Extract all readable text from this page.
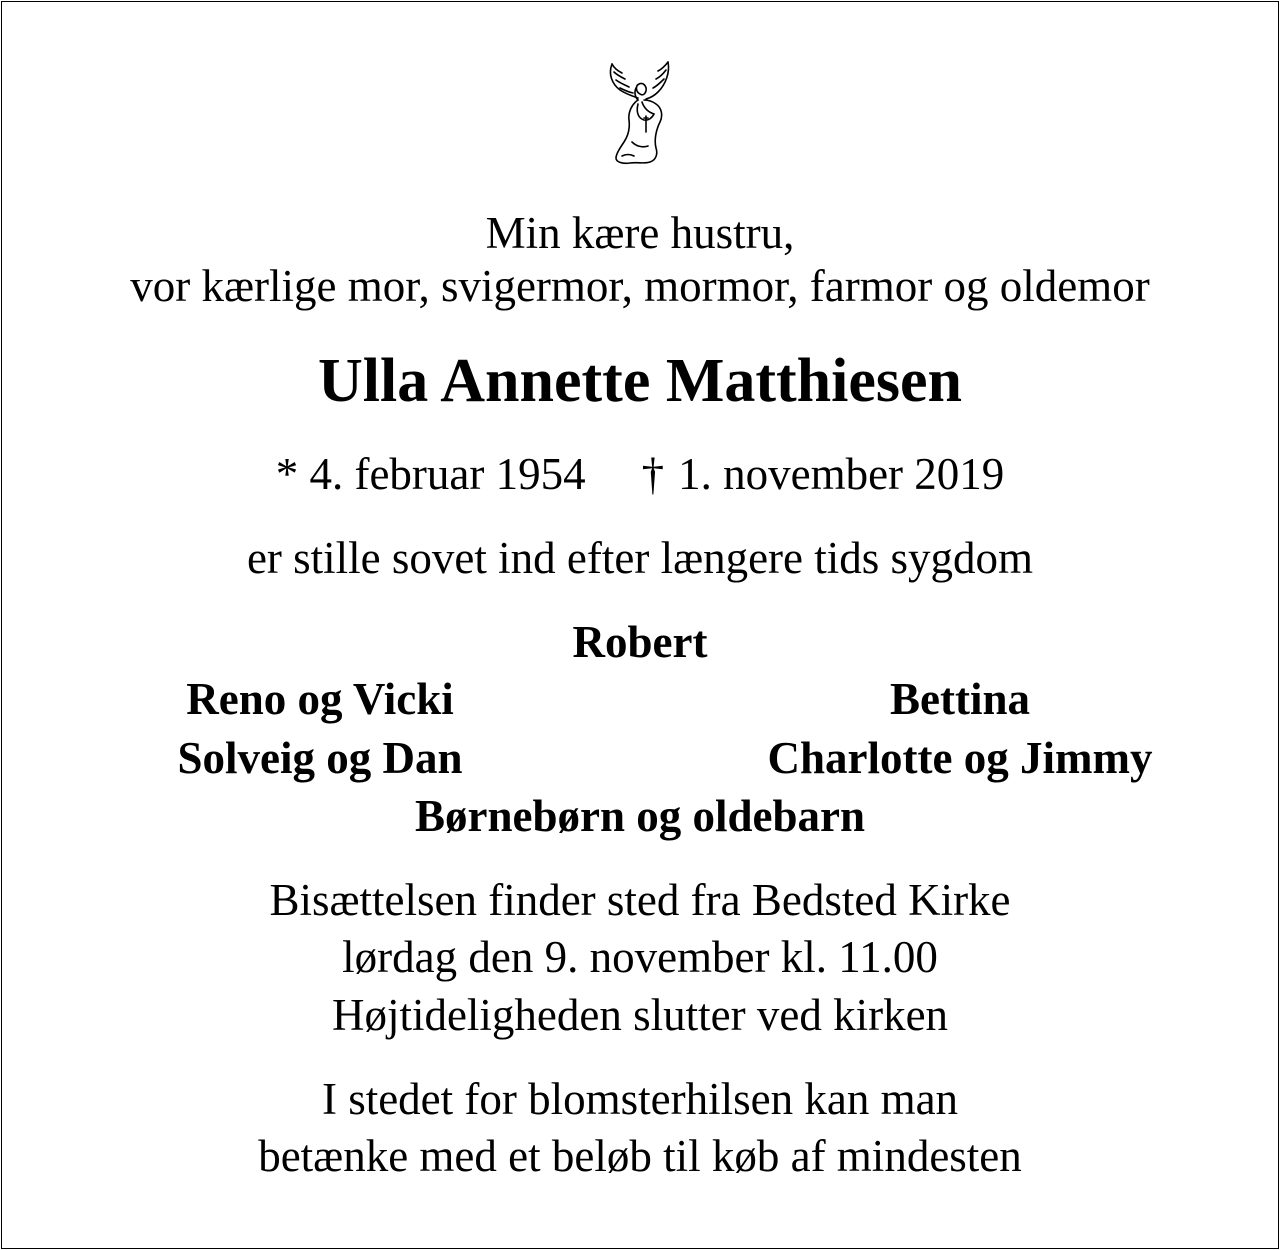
Min kære hustru,
vor kærlige mor, svigermor, mormor, farmor og oldemor
Ulla Annette Matthiesen
* 4. februar 1954 † 1. november 2019
er stille sovet ind efter længere tids sygdom
Robert
Reno og Vicki	Bettina
Solveig og Dan	Charlotte og Jimmy
Børnebørn og oldebarn
Bisættelsen finder sted fra Bedsted Kirke
lørdag den 9. november kl. 11.00
Højtideligheden slutter ved kirken
I stedet for blomsterhilsen kan man
betænke med et beløb til køb af mindesten
